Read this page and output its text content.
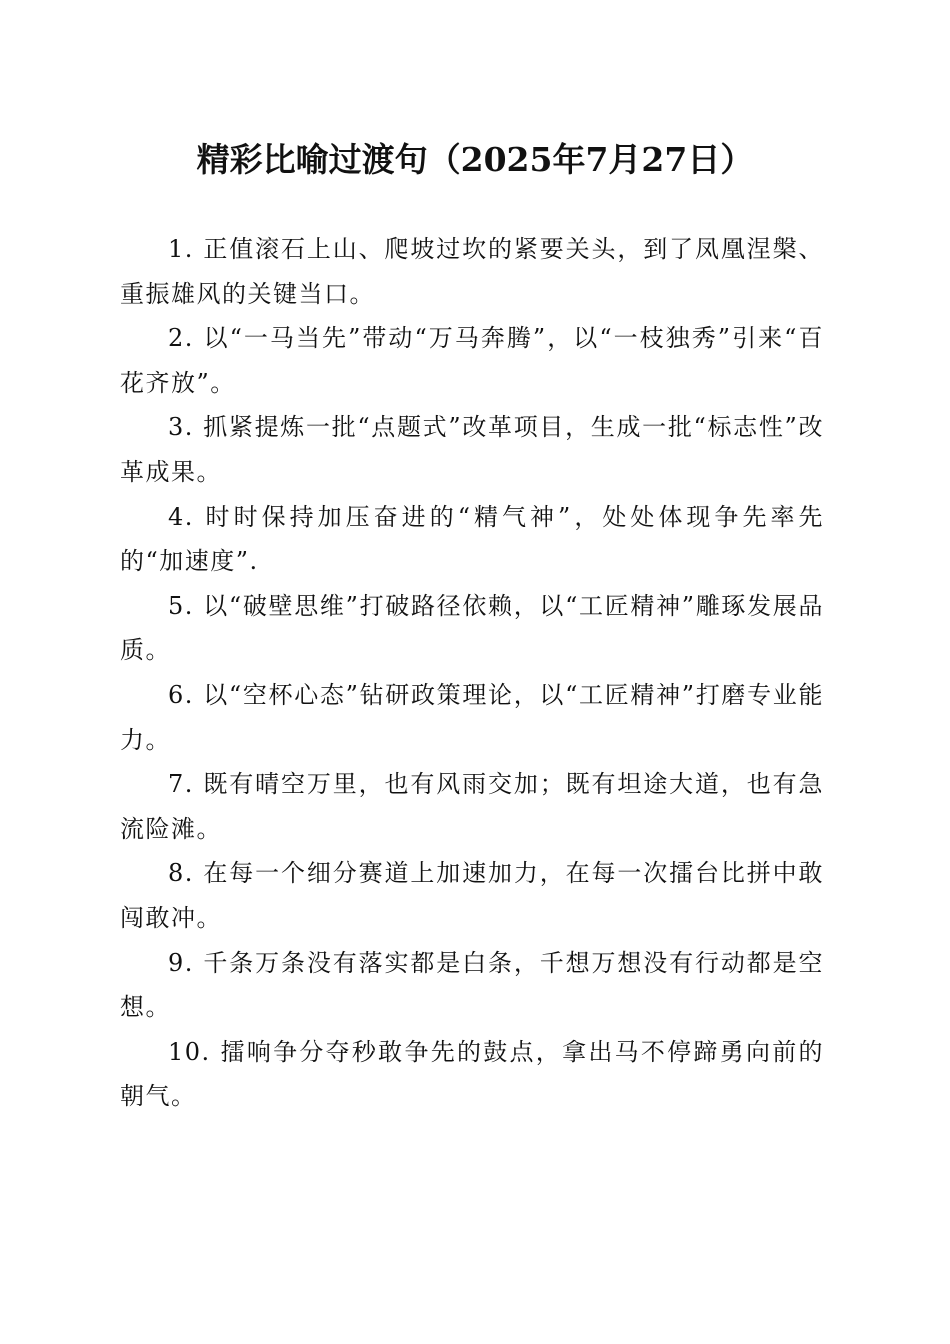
精彩比喻过渡句（2025年7月27日）

1. 正值滚石上山、爬坡过坎的紧要关头，到了凤凰涅槃、重振雄风的关键当口。

2. 以“一马当先”带动“万马奔腾”，以“一枝独秀”引来“百花齐放”。

3. 抓紧提炼一批“点题式”改革项目，生成一批“标志性”改革成果。

4. 时时保持加压奋进的“精气神”，处处体现争先率先的“加速度”.

5. 以“破壁思维”打破路径依赖，以“工匠精神”雕琢发展品质。

6. 以“空杯心态”钻研政策理论，以“工匠精神”打磨专业能力。

7. 既有晴空万里，也有风雨交加；既有坦途大道，也有急流险滩。

8. 在每一个细分赛道上加速加力，在每一次擂台比拼中敢闯敢冲。

9. 千条万条没有落实都是白条，千想万想没有行动都是空想。

10. 擂响争分夺秒敢争先的鼓点，拿出马不停蹄勇向前的朝气。
